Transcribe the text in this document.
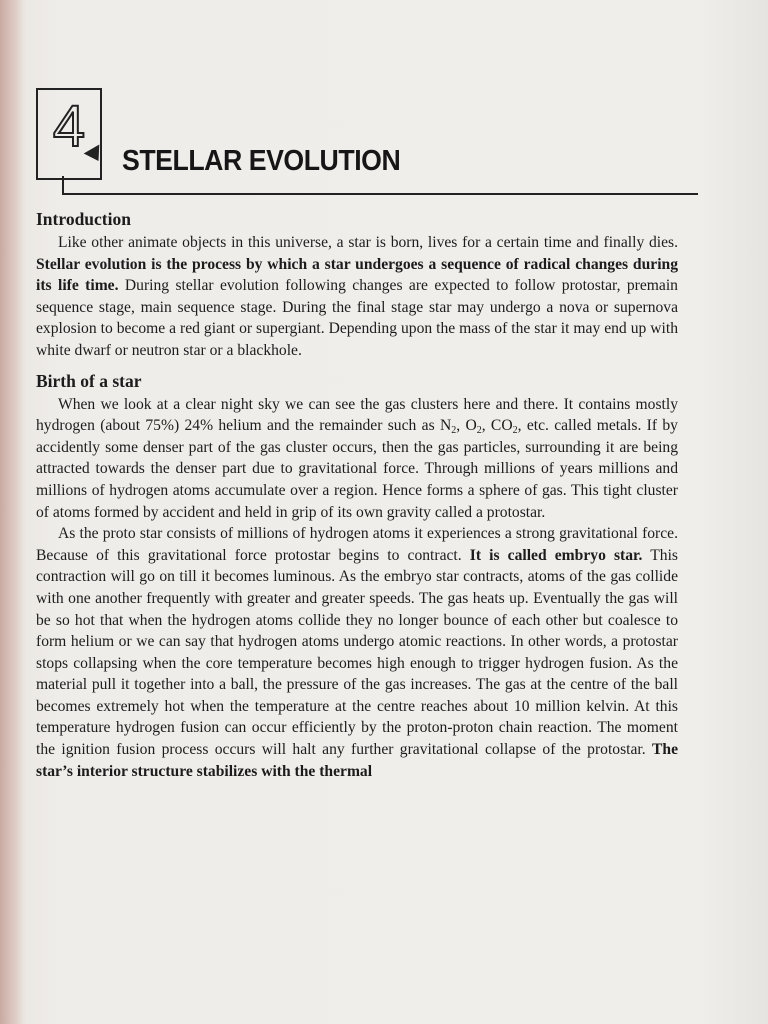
4
STELLAR EVOLUTION
Introduction

Like other animate objects in this universe, a star is born, lives for a certain time and finally dies. Stellar evolution is the process by which a star undergoes a sequence of radical changes during its life time. During stellar evolution following changes are expected to follow protostar, premain sequence stage, main sequence stage. During the final stage star may undergo a nova or supernova explosion to become a red giant or supergiant. Depending upon the mass of the star it may end up with white dwarf or neutron star or a blackhole.

Birth of a star

When we look at a clear night sky we can see the gas clusters here and there. It contains mostly hydrogen (about 75%) 24% helium and the remainder such as $N_2$, $O_2$, $CO_2$, etc. called metals. If by accidently some denser part of the gas cluster occurs, then the gas particles, surrounding it are being attracted towards the denser part due to gravitational force. Through millions of years millions and millions of hydrogen atoms accumulate over a region. Hence forms a sphere of gas. This tight cluster of atoms formed by accident and held in grip of its own gravity called a protostar.

As the proto star consists of millions of hydrogen atoms it experiences a strong gravitational force. Because of this gravitational force protostar begins to contract. It is called embryo star. This contraction will go on till it becomes luminous. As the embryo star contracts, atoms of the gas collide with one another frequently with greater and greater speeds. The gas heats up. Eventually the gas will be so hot that when the hydrogen atoms collide they no longer bounce of each other but coalesce to form helium or we can say that hydrogen atoms undergo atomic reactions. In other words, a protostar stops collapsing when the core temperature becomes high enough to trigger hydrogen fusion. As the material pull it together into a ball, the pressure of the gas increases. The gas at the centre of the ball becomes extremely hot when the temperature at the centre reaches about 10 million kelvin. At this temperature hydrogen fusion can occur efficiently by the proton-proton chain reaction. The moment the ignition fusion process occurs will halt any further gravitational collapse of the protostar. The star’s interior structure stabilizes with the thermal
